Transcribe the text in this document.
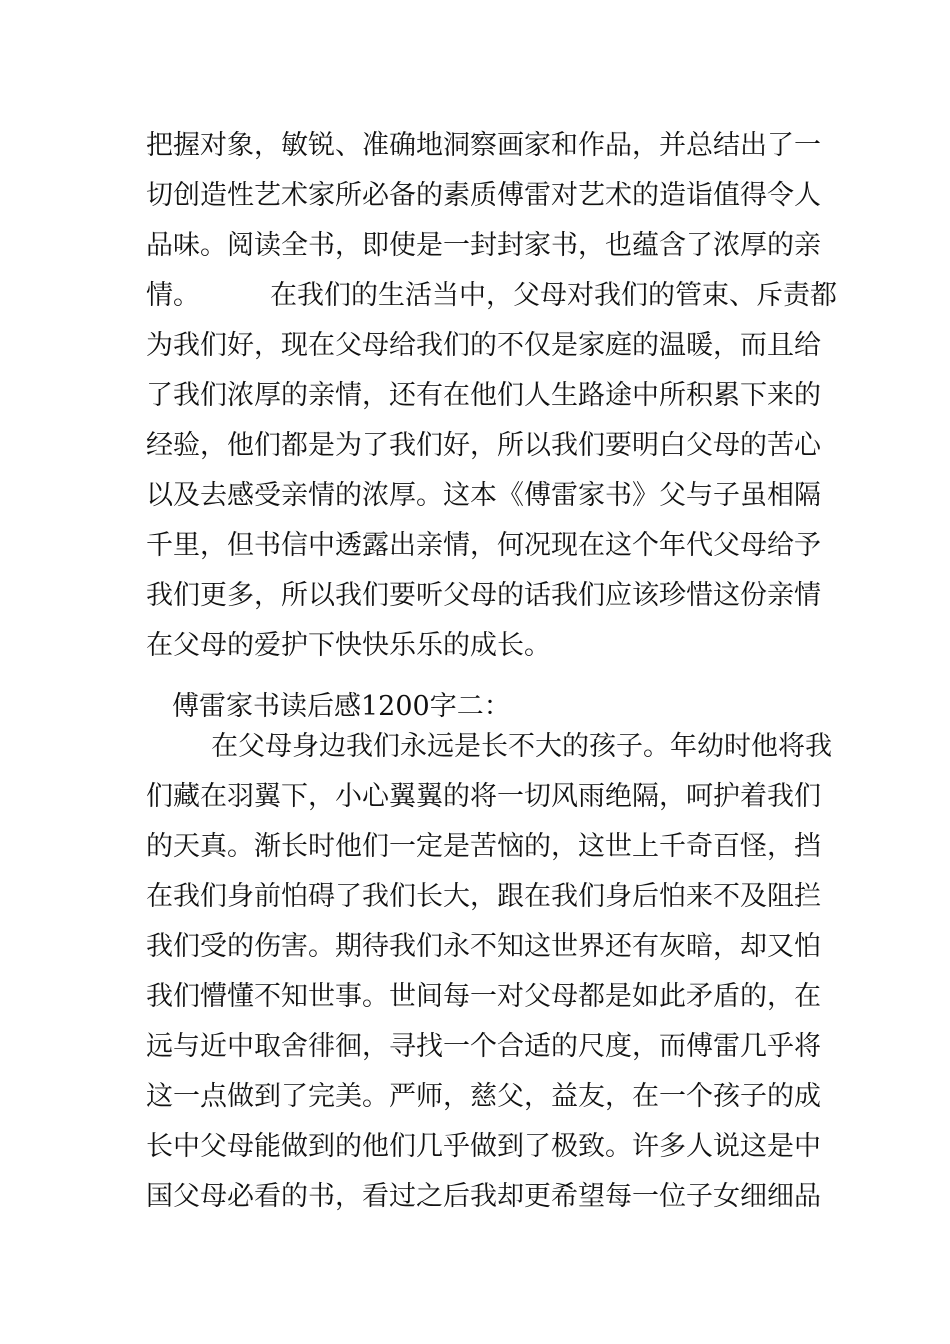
把握对象，敏锐、准确地洞察画家和作品，并总结出了一
切创造性艺术家所必备的素质傅雷对艺术的造诣值得令人
品味。阅读全书，即使是一封封家书，也蕴含了浓厚的亲
情。	在我们的生活当中，父母对我们的管束、斥责都
为我们好，现在父母给我们的不仅是家庭的温暖，而且给
了我们浓厚的亲情，还有在他们人生路途中所积累下来的
经验，他们都是为了我们好，所以我们要明白父母的苦心
以及去感受亲情的浓厚。这本《傅雷家书》父与子虽相隔
千里，但书信中透露出亲情，何况现在这个年代父母给予
我们更多，所以我们要听父母的话我们应该珍惜这份亲情
在父母的爱护下快快乐乐的成长。
傅雷家书读后感1200字二：
在父母身边我们永远是长不大的孩子。年幼时他将我
们藏在羽翼下，小心翼翼的将一切风雨绝隔，呵护着我们
的天真。渐长时他们一定是苦恼的，这世上千奇百怪，挡
在我们身前怕碍了我们长大，跟在我们身后怕来不及阻拦
我们受的伤害。期待我们永不知这世界还有灰暗，却又怕
我们懵懂不知世事。世间每一对父母都是如此矛盾的，在
远与近中取舍徘徊，寻找一个合适的尺度，而傅雷几乎将
这一点做到了完美。严师，慈父，益友，在一个孩子的成
长中父母能做到的他们几乎做到了极致。许多人说这是中
国父母必看的书，看过之后我却更希望每一位子女细细品
